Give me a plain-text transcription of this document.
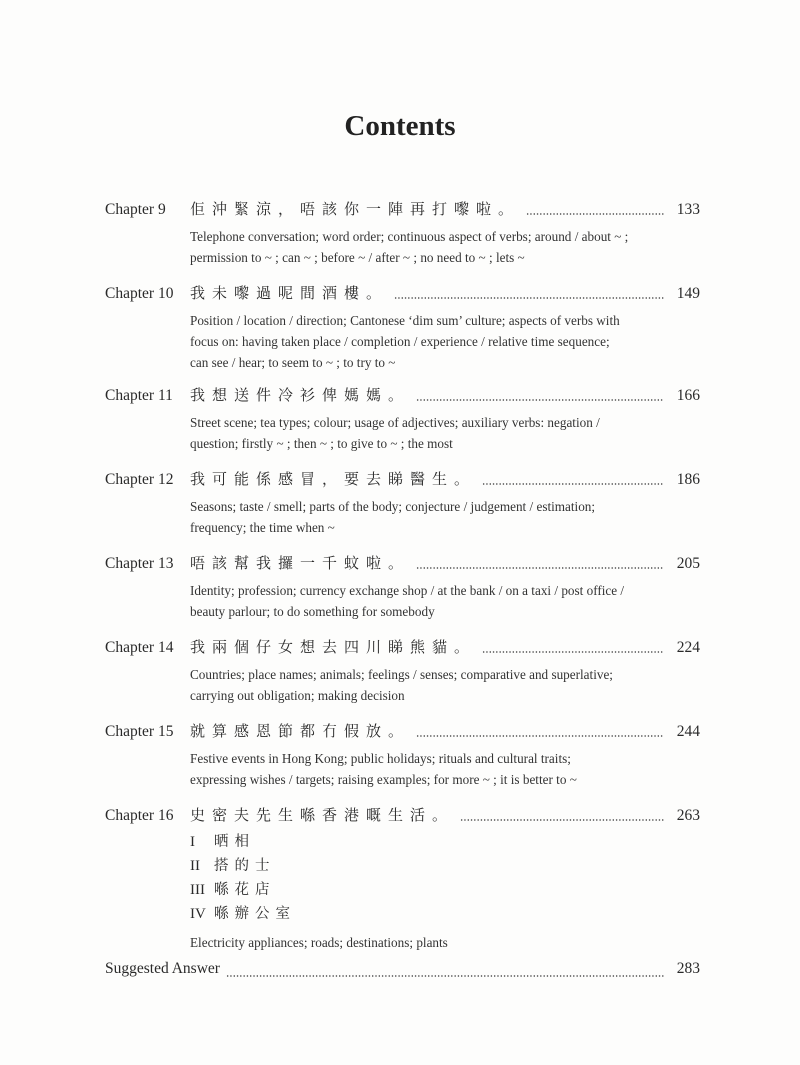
Contents
Chapter 9	佢沖緊涼，唔該你一陣再打嚟啦。	133
Telephone conversation; word order; continuous aspect of verbs; around / about ~ ; permission to ~ ; can ~ ; before ~ / after ~ ; no need to ~ ; lets ~
Chapter 10	我未嚟過呢間酒樓。	149
Position / location / direction; Cantonese ‘dim sum’ culture; aspects of verbs with focus on: having taken place / completion / experience / relative time sequence; can see / hear; to seem to ~ ; to try to ~
Chapter 11	我想送件冷衫俾媽媽。	166
Street scene; tea types; colour; usage of adjectives; auxiliary verbs: negation / question; firstly ~ ; then ~ ; to give to ~ ; the most
Chapter 12	我可能係感冒，要去睇醫生。	186
Seasons; taste / smell; parts of the body; conjecture / judgement / estimation; frequency; the time when ~
Chapter 13	唔該幫我攞一千蚊啦。	205
Identity; profession; currency exchange shop / at the bank / on a taxi / post office / beauty parlour; to do something for somebody
Chapter 14	我兩個仔女想去四川睇熊貓。	224
Countries; place names; animals; feelings / senses; comparative and superlative; carrying out obligation; making decision
Chapter 15	就算感恩節都冇假放。	244
Festive events in Hong Kong; public holidays; rituals and cultural traits; expressing wishes / targets; raising examples; for more ~ ; it is better to ~
Chapter 16	史密夫先生喺香港嘅生活。	263
I 晒相
II 搭的士
III 喺花店
IV 喺辦公室
Electricity appliances; roads; destinations; plants
Suggested Answer	283
